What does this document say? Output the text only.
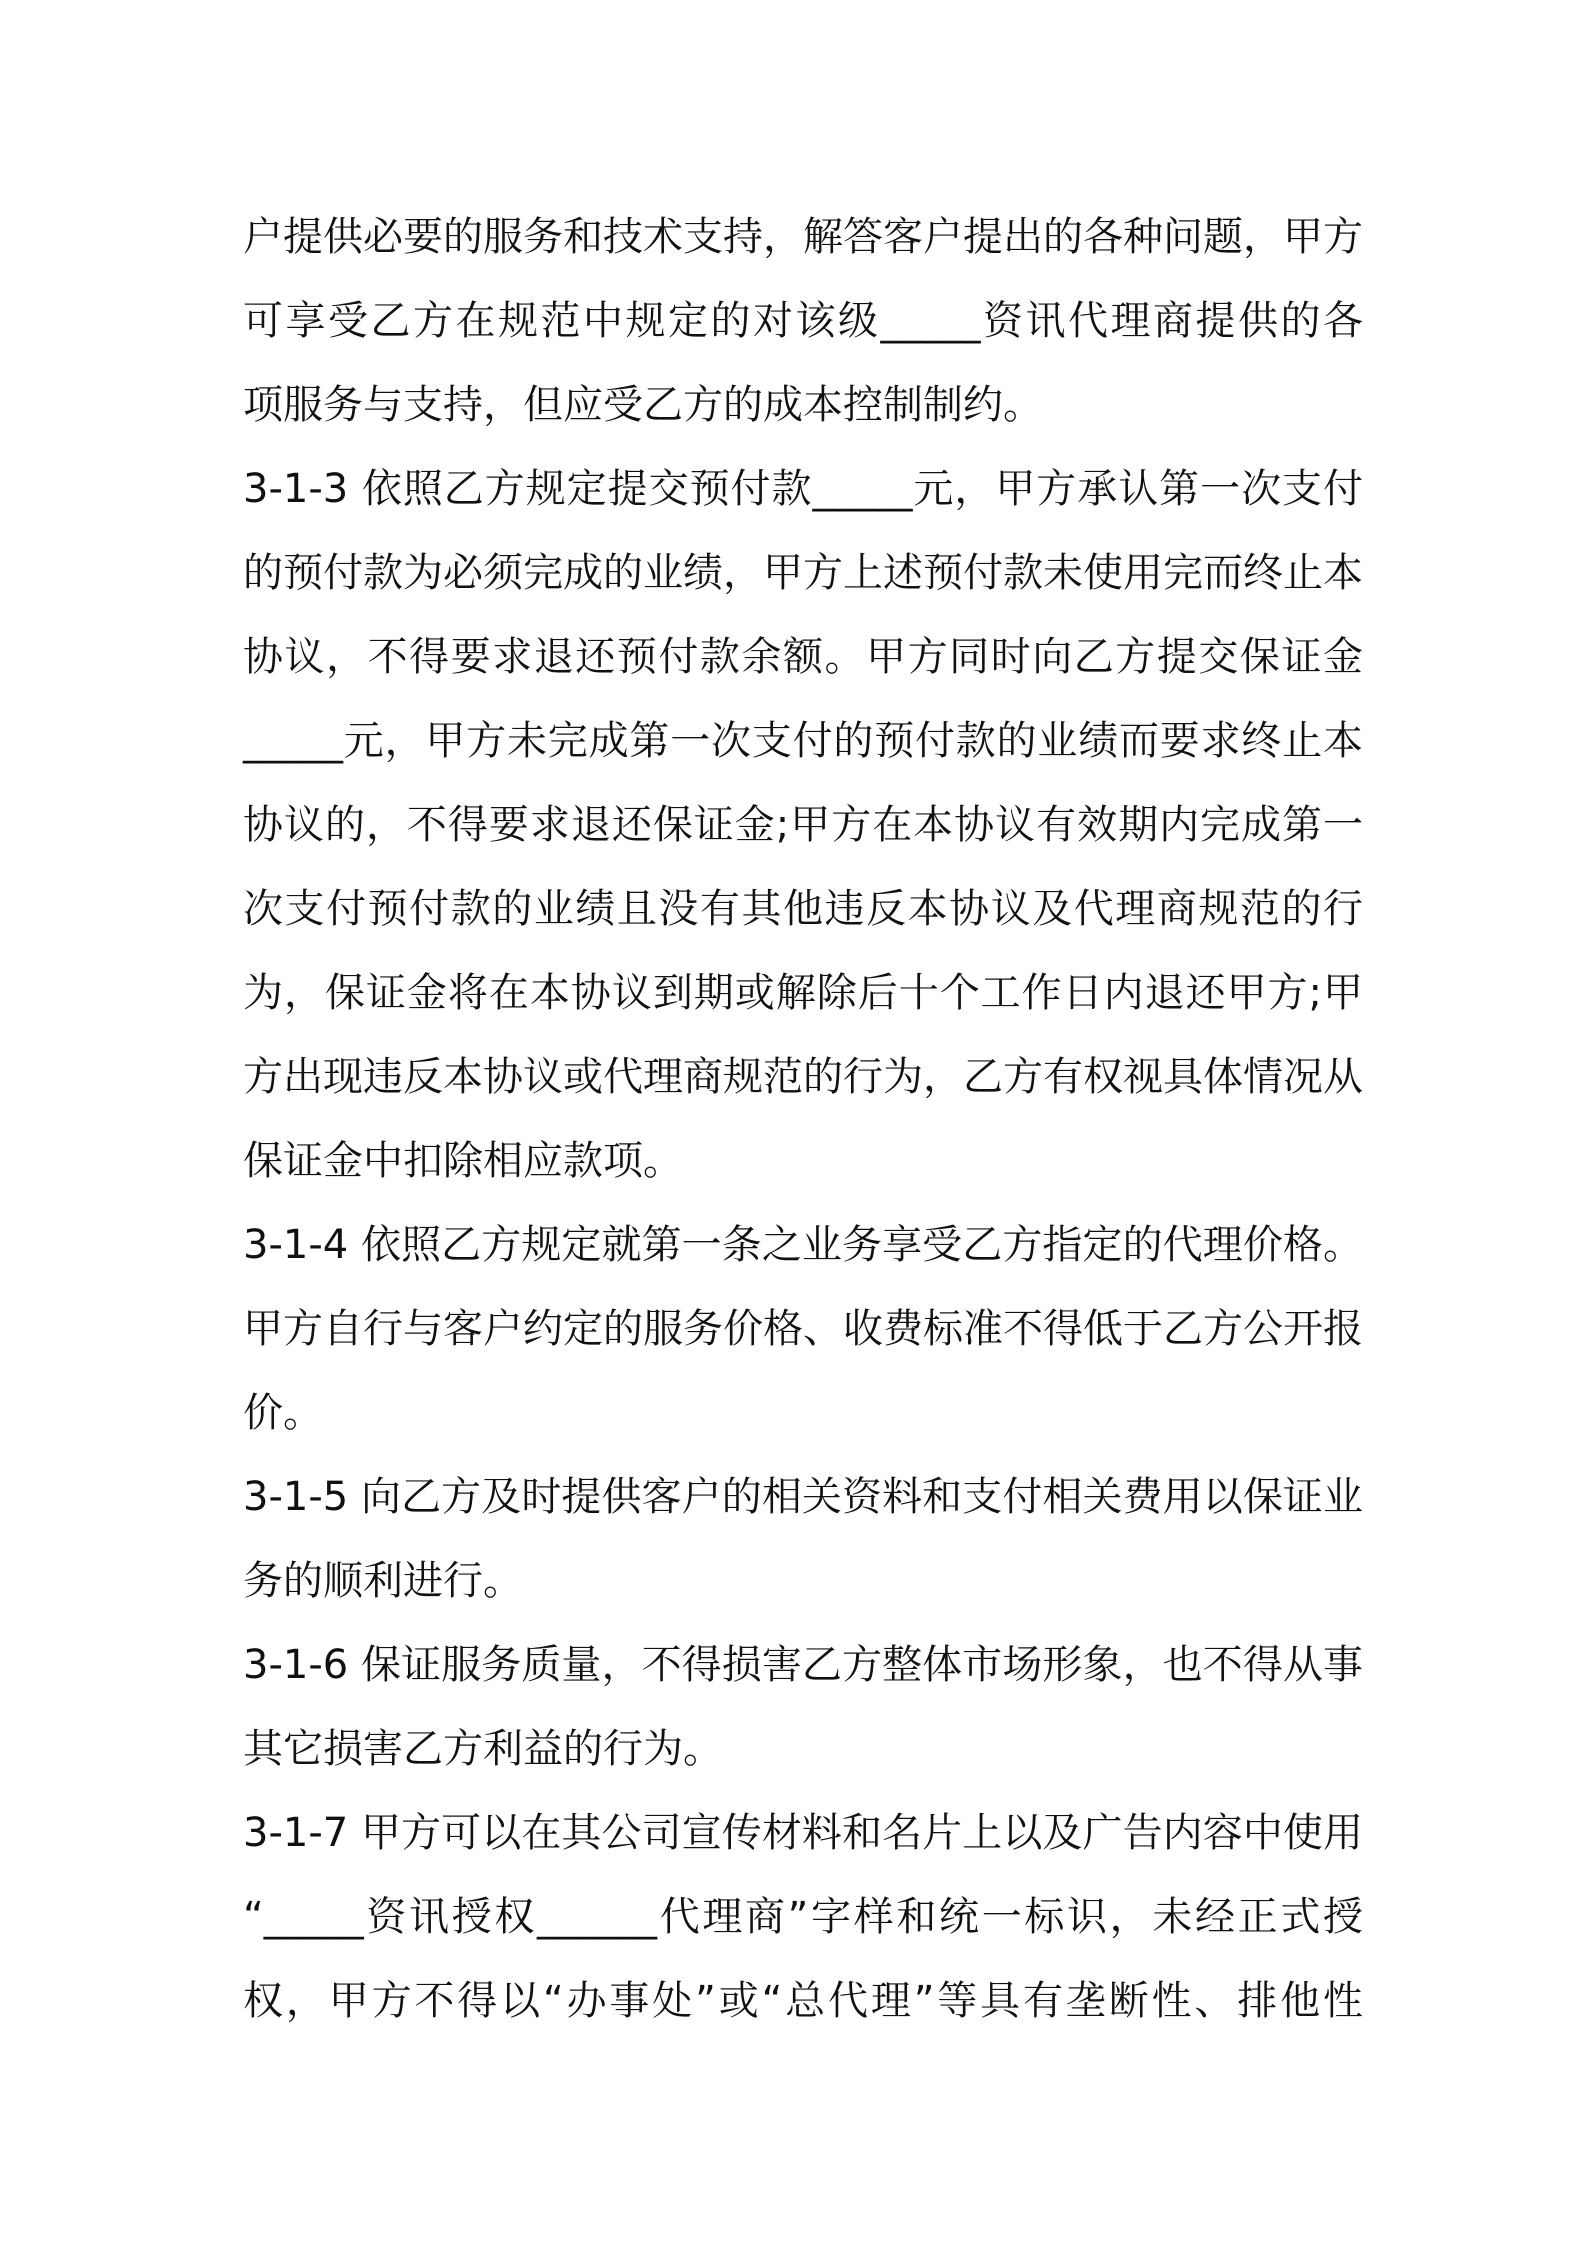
户提供必要的服务和技术支持，解答客户提出的各种问题，甲方
可享受乙方在规范中规定的对该级_____资讯代理商提供的各
项服务与支持，但应受乙方的成本控制制约。
3-1-3 依照乙方规定提交预付款_____元，甲方承认第一次支付
的预付款为必须完成的业绩，甲方上述预付款未使用完而终止本
协议，不得要求退还预付款余额。甲方同时向乙方提交保证金
_____元，甲方未完成第一次支付的预付款的业绩而要求终止本
协议的，不得要求退还保证金;甲方在本协议有效期内完成第一
次支付预付款的业绩且没有其他违反本协议及代理商规范的行
为，保证金将在本协议到期或解除后十个工作日内退还甲方;甲
方出现违反本协议或代理商规范的行为，乙方有权视具体情况从
保证金中扣除相应款项。
3-1-4 依照乙方规定就第一条之业务享受乙方指定的代理价格。
甲方自行与客户约定的服务价格、收费标准不得低于乙方公开报
价。
3-1-5 向乙方及时提供客户的相关资料和支付相关费用以保证业
务的顺利进行。
3-1-6 保证服务质量，不得损害乙方整体市场形象，也不得从事
其它损害乙方利益的行为。
3-1-7 甲方可以在其公司宣传材料和名片上以及广告内容中使用
“_____资讯授权______代理商”字样和统一标识，未经正式授
权，甲方不得以“办事处”或“总代理”等具有垄断性、排他性
